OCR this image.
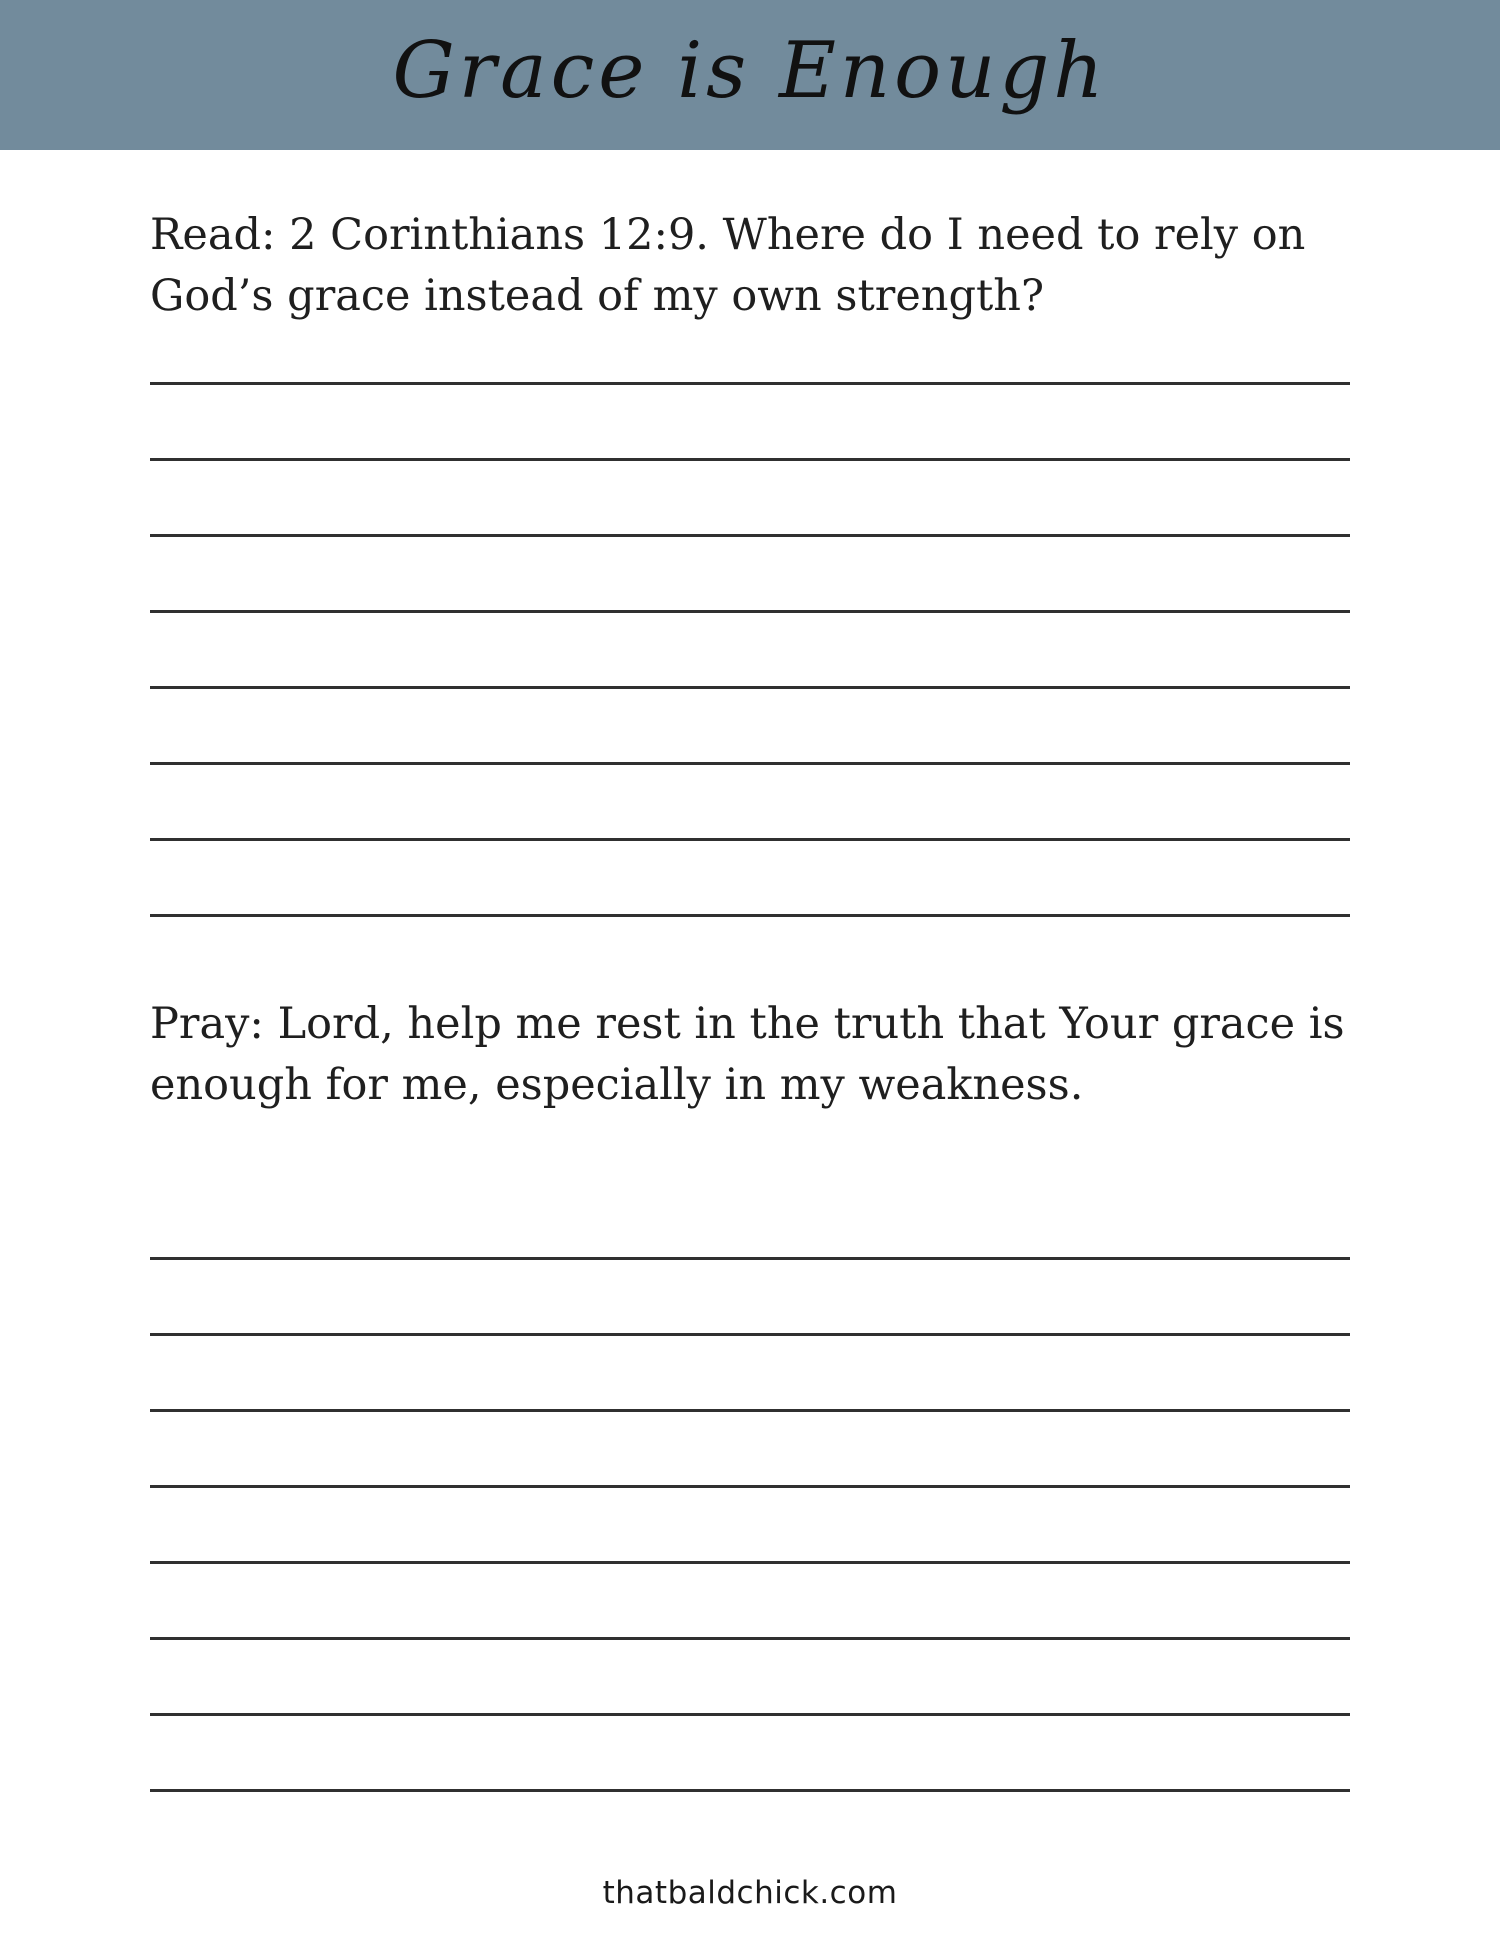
Grace is Enough

Read: 2 Corinthians 12:9. Where do I need to rely on God’s grace instead of my own strength?

Pray: Lord, help me rest in the truth that Your grace is enough for me, especially in my weakness.

thatbaldchick.com
